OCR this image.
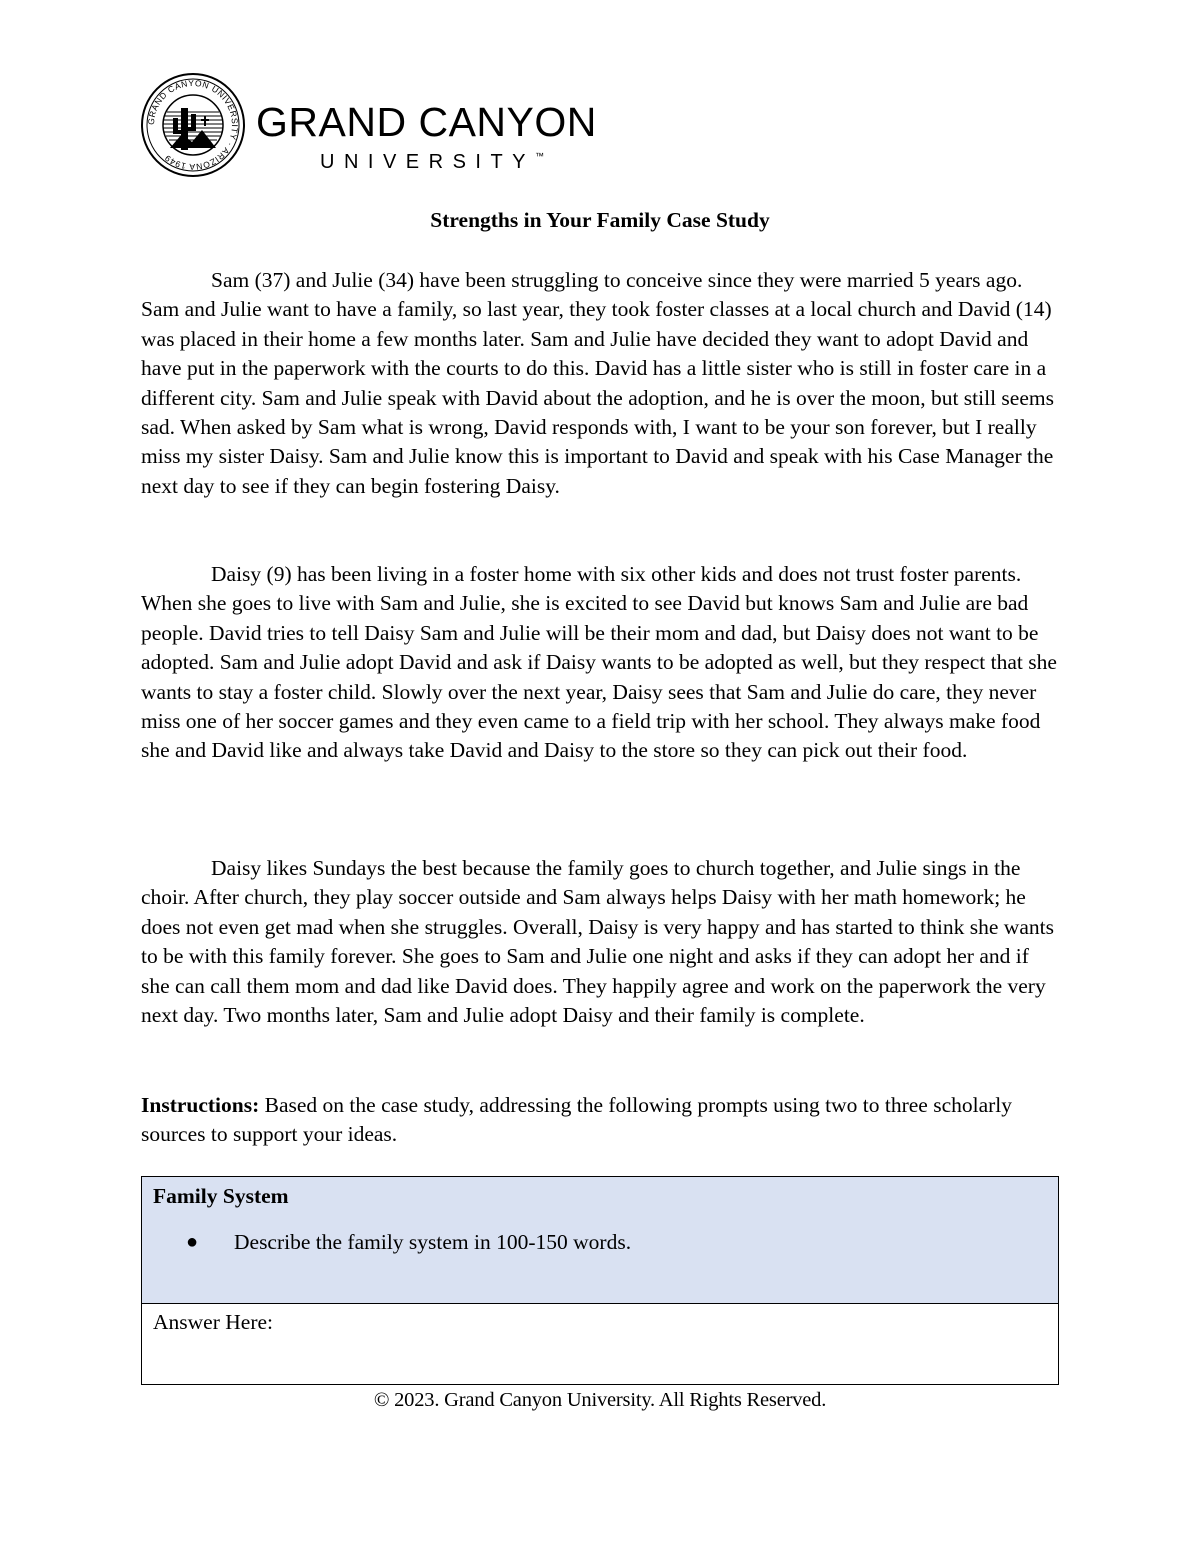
GRAND CANYON UNIVERSITY · ARIZONA 1949
GRAND CANYON
UNIVERSITY™
Strengths in Your Family Case Study

Sam (37) and Julie (34) have been struggling to conceive since they were married 5 years ago. Sam and Julie want to have a family, so last year, they took foster classes at a local church and David (14) was placed in their home a few months later. Sam and Julie have decided they want to adopt David and have put in the paperwork with the courts to do this. David has a little sister who is still in foster care in a different city. Sam and Julie speak with David about the adoption, and he is over the moon, but still seems sad. When asked by Sam what is wrong, David responds with, I want to be your son forever, but I really miss my sister Daisy. Sam and Julie know this is important to David and speak with his Case Manager the next day to see if they can begin fostering Daisy.

Daisy (9) has been living in a foster home with six other kids and does not trust foster parents. When she goes to live with Sam and Julie, she is excited to see David but knows Sam and Julie are bad people. David tries to tell Daisy Sam and Julie will be their mom and dad, but Daisy does not want to be adopted. Sam and Julie adopt David and ask if Daisy wants to be adopted as well, but they respect that she wants to stay a foster child. Slowly over the next year, Daisy sees that Sam and Julie do care, they never miss one of her soccer games and they even came to a field trip with her school. They always make food she and David like and always take David and Daisy to the store so they can pick out their food.

Daisy likes Sundays the best because the family goes to church together, and Julie sings in the choir. After church, they play soccer outside and Sam always helps Daisy with her math homework; he does not even get mad when she struggles. Overall, Daisy is very happy and has started to think she wants to be with this family forever. She goes to Sam and Julie one night and asks if they can adopt her and if she can call them mom and dad like David does. They happily agree and work on the paperwork the very next day. Two months later, Sam and Julie adopt Daisy and their family is complete.

Instructions: Based on the case study, addressing the following prompts using two to three scholarly sources to support your ideas.

Family System

● Describe the family system in 100-150 words.
Answer Here:
© 2023. Grand Canyon University. All Rights Reserved.
